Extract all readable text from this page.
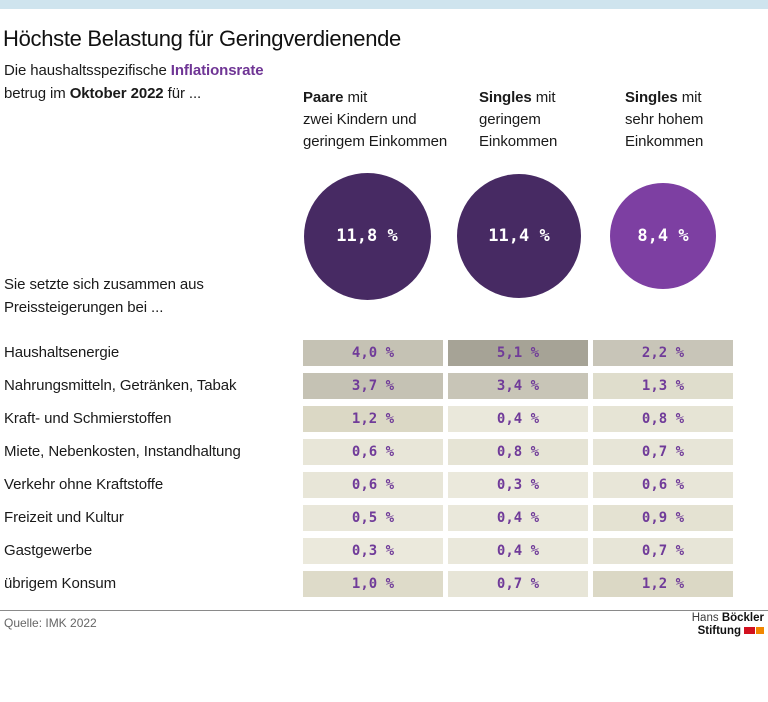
Höchste Belastung für Geringverdienende
Die haushaltsspezifische Inflationsrate
betrug im Oktober 2022 für ...	Paare mit
zwei Kindern und
geringem Einkommen
Singles mit
geringem
Einkommen
Singles mit
sehr hohem
Einkommen
11,8 %	11,4 %	8,4 %
Sie setzte sich zusammen aus
Preissteigerungen bei ...
Haushaltsenergie	4,0 %	5,1 %	2,2 %
Nahrungsmitteln, Getränken, Tabak	3,7 %	3,4 %	1,3 %
Kraft- und Schmierstoffen	1,2 %	0,4 %	0,8 %
Miete, Nebenkosten, Instandhaltung	0,6 %	0,8 %	0,7 %
Verkehr ohne Kraftstoffe	0,6 %	0,3 %	0,6 %
Freizeit und Kultur	0,5 %	0,4 %	0,9 %
Gastgewerbe	0,3 %	0,4 %	0,7 %
übrigem Konsum	1,0 %	0,7 %	1,2 %
Quelle: IMK 2022	Hans Böckler
Stiftung
